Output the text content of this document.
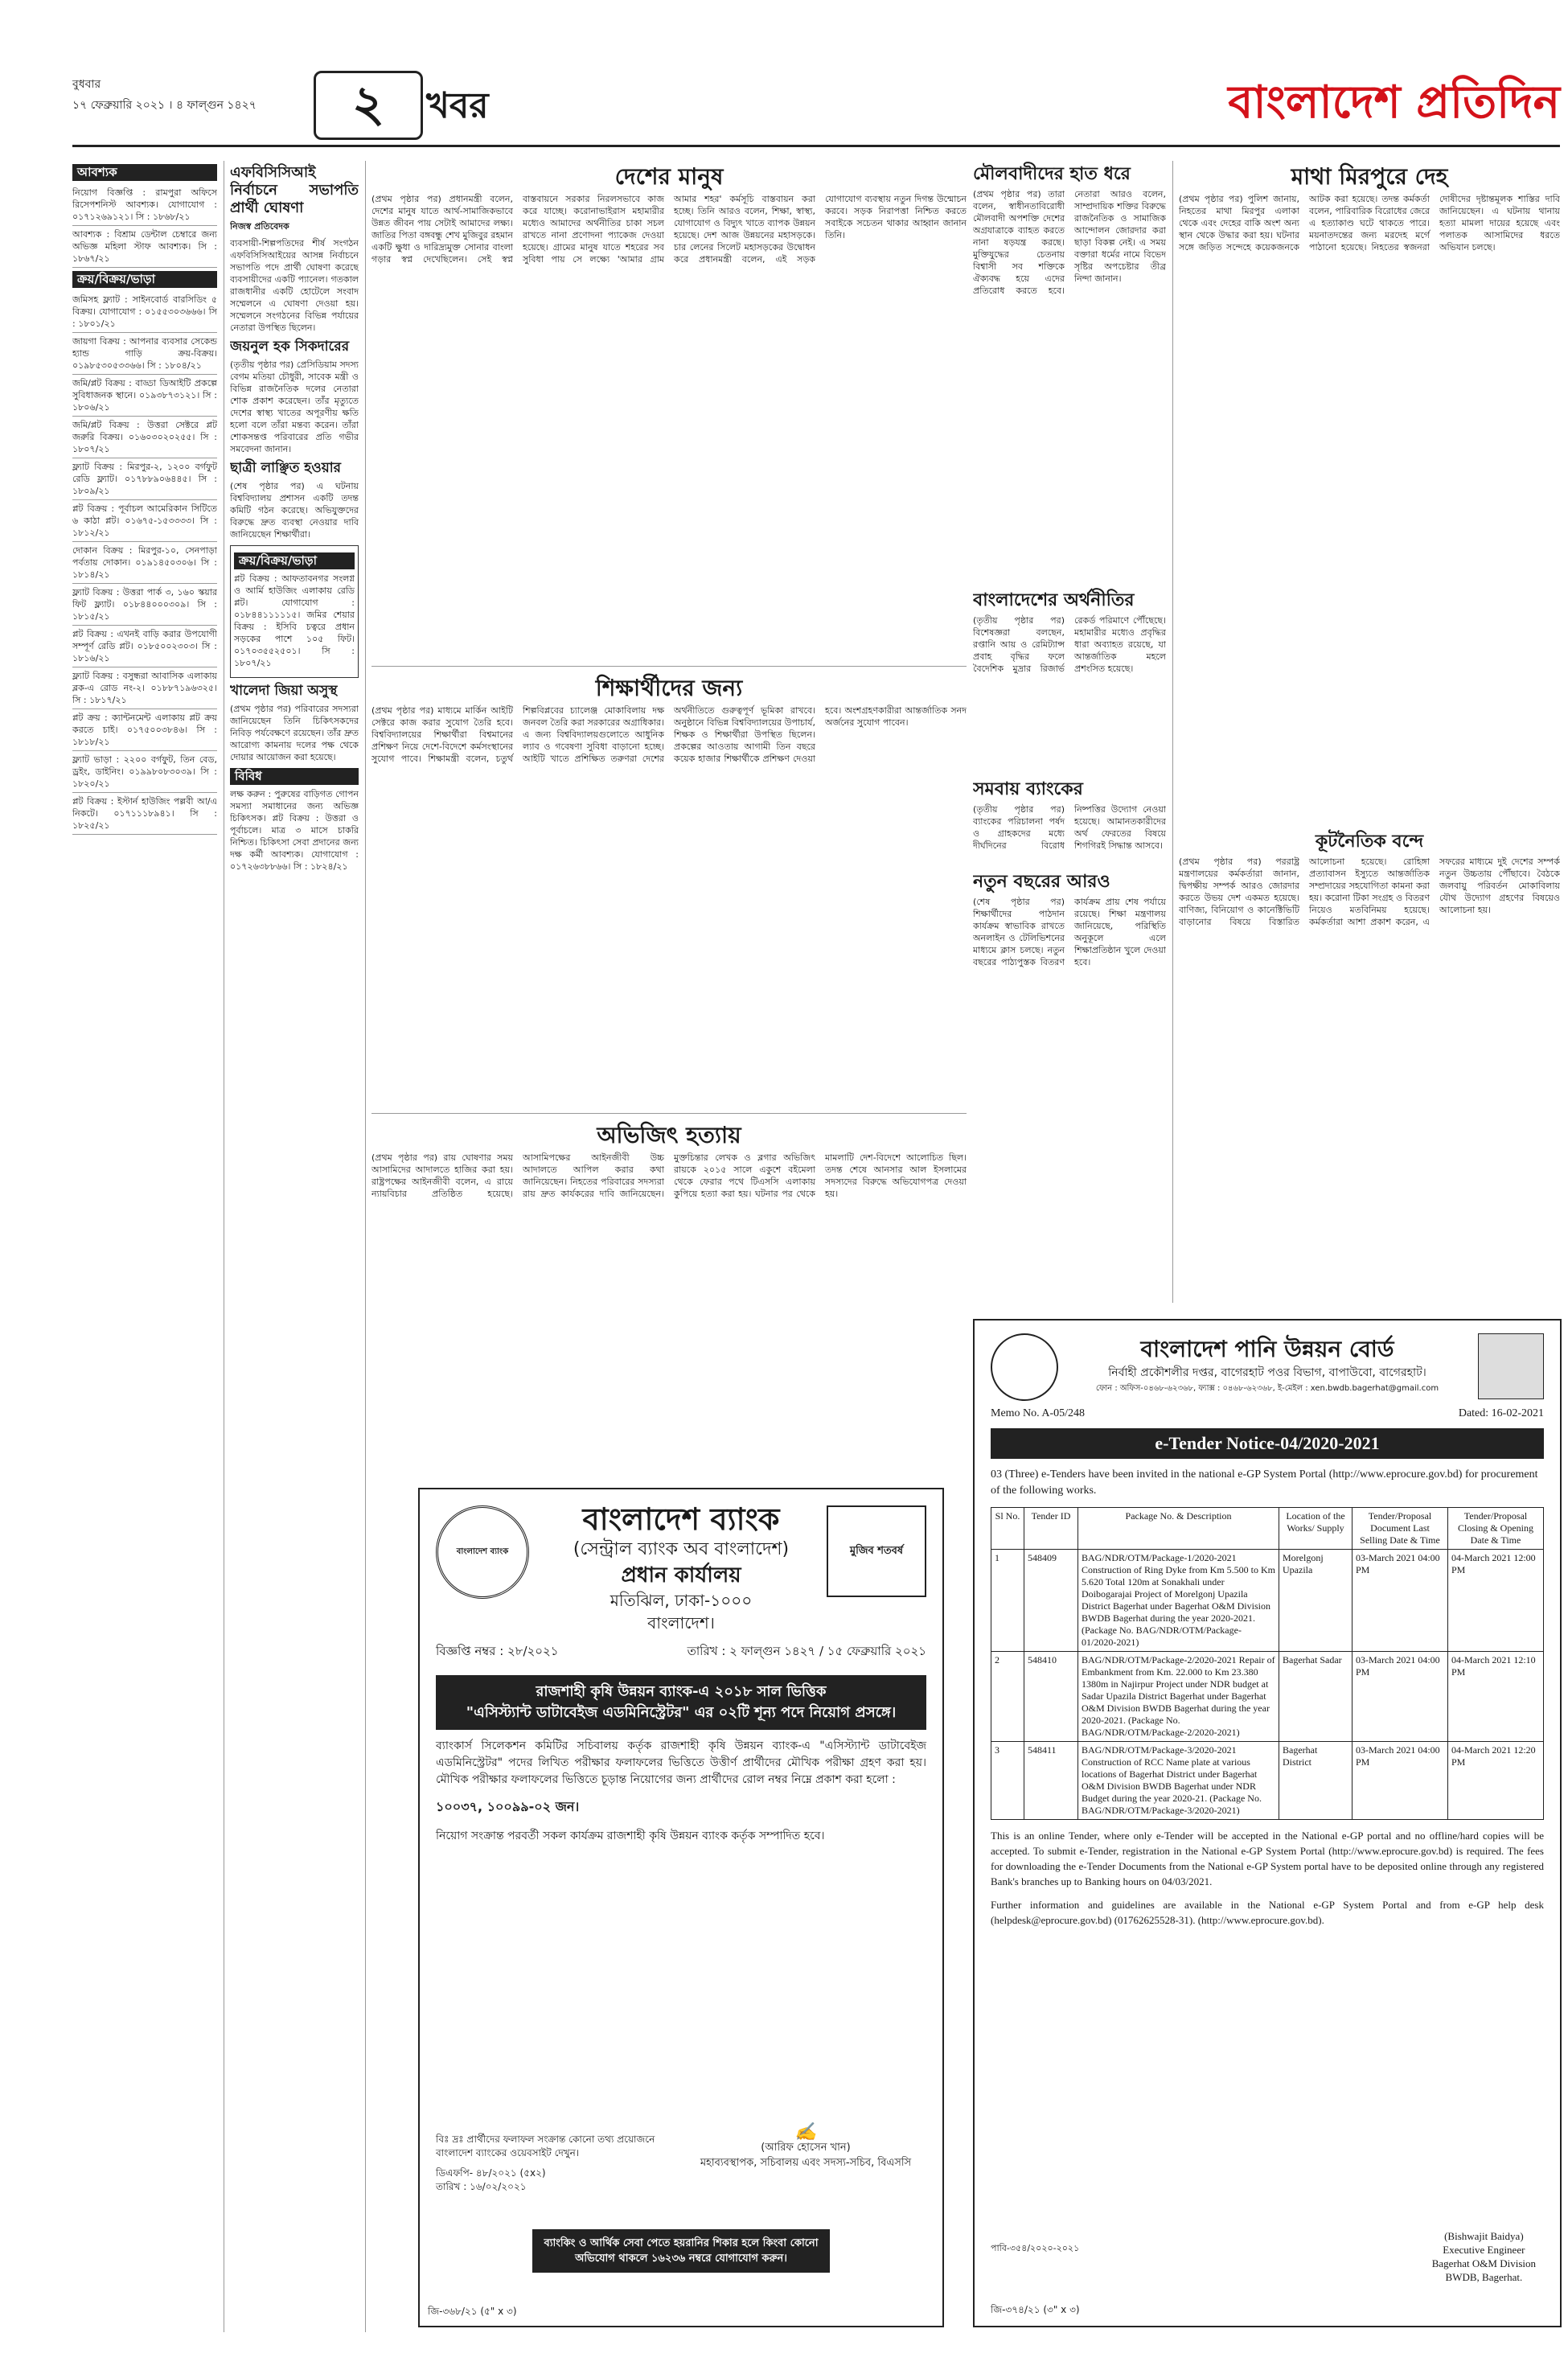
বুধবার
১৭ ফেব্রুয়ারি ২০২১ । ৪ ফাল্গুন ১৪২৭	২	খবর	বাংলাদেশ প্রতিদিন
আবশ্যক
নিয়োগ বিজ্ঞপ্তি : রামপুরা অফিসে রিসেপশনিস্ট আবশ্যক। যোগাযোগ : ০১৭১২৬৯১২১। সি : ১৮৬৮/২১
আবশ্যক : বিশ্রাম ডেন্টাল চেম্বারে জন্য অভিজ্ঞ মহিলা স্টাফ আবশ্যক। সি : ১৮৬৭/২১
ক্রয়/বিক্রয়/ভাড়া
জমিসহ ফ্ল্যাট : সাইনবোর্ড বারসিডিং ৫ বিক্রয়। যোগাযোগ : ০১৫৫৩০৩৬৬৬। সি : ১৮০১/২১
জায়গা বিক্রয় : আপনার ব্যবসার সেকেন্ড হ্যান্ড গাড়ি ক্রয়-বিক্রয়। ০১৯৮৫৩০৫৩৩৬৬। সি : ১৮০৪/২১
জমি/প্লট বিক্রয় : বাড্ডা ডিআইটি প্রকল্পে সুবিধাজনক স্থানে। ০১৯৩৮৭৩১২১। সি : ১৮০৬/২১
জমি/প্লট বিক্রয় : উত্তরা সেক্টরে প্লট জরুরি বিক্রয়। ০১৬০৩০২০২৫৫। সি : ১৮০৭/২১
ফ্ল্যাট বিক্রয় : মিরপুর-২, ১২০০ বর্গফুট রেডি ফ্ল্যাট। ০১৭৮৮৯০৬৪৪৫। সি : ১৮০৯/২১
প্লট বিক্রয় : পূর্বাচল আমেরিকান সিটিতে ৬ কাঠা প্লট। ০১৬৭৫-১৫৩৩৩৩। সি : ১৮১২/২১
দোকান বিক্রয় : মিরপুর-১০, সেনপাড়া পর্বতায় দোকান। ০১৯১৪৫০৩০৬। সি : ১৮১৪/২১
ফ্ল্যাট বিক্রয় : উত্তরা পার্ক ৩, ১৬০ স্কয়ার ফিট ফ্ল্যাট। ০১৮৪৪০০০৩০৯। সি : ১৮১৫/২১
প্লট বিক্রয় : এখনই বাড়ি করার উপযোগী সম্পূর্ণ রেডি প্লট। ০১৮৫০০২৩০৩। সি : ১৮১৬/২১
ফ্ল্যাট বিক্রয় : বসুন্ধরা আবাসিক এলাকায় ব্লক-এ রোড নং-২। ০১৮৮৭১৯৬৩২৫। সি : ১৮১৭/২১
প্লট ক্রয় : ক্যান্টনমেন্ট এলাকায় প্লট ক্রয় করতে চাই। ০১৭৫০০৩৮৪৬। সি : ১৮১৮/২১
ফ্ল্যাট ভাড়া : ২২০০ বর্গফুট, তিন বেড, ড্রইং, ডাইনিং। ০১৯৯৮০৮৩০৩৯। সি : ১৮২০/২১
প্লট বিক্রয় : ইস্টার্ন হাউজিং পল্লবী আ/এ নিকটে। ০১৭১১১৮৯৪১। সি : ১৮২৫/২১
এফবিসিসিআই নির্বাচনে সভাপতি প্রার্থী ঘোষণা

নিজস্ব প্রতিবেদক

ব্যবসায়ী-শিল্পপতিদের শীর্ষ সংগঠন এফবিসিসিআইয়ের আসন্ন নির্বাচনে সভাপতি পদে প্রার্থী ঘোষণা করেছে ব্যবসায়ীদের একটি প্যানেল। গতকাল রাজধানীর একটি হোটেলে সংবাদ সম্মেলনে এ ঘোষণা দেওয়া হয়। সম্মেলনে সংগঠনের বিভিন্ন পর্যায়ের নেতারা উপস্থিত ছিলেন।

জয়নুল হক সিকদারের

(তৃতীয় পৃষ্ঠার পর) প্রেসিডিয়াম সদস্য বেগম মতিয়া চৌধুরী, সাবেক মন্ত্রী ও বিভিন্ন রাজনৈতিক দলের নেতারা শোক প্রকাশ করেছেন। তাঁর মৃত্যুতে দেশের স্বাস্থ্য খাতের অপূরণীয় ক্ষতি হলো বলে তাঁরা মন্তব্য করেন। তাঁরা শোকসন্তপ্ত পরিবারের প্রতি গভীর সমবেদনা জানান।

ছাত্রী লাঞ্ছিত হওয়ার

(শেষ পৃষ্ঠার পর) এ ঘটনায় বিশ্ববিদ্যালয় প্রশাসন একটি তদন্ত কমিটি গঠন করেছে। অভিযুক্তদের বিরুদ্ধে দ্রুত ব্যবস্থা নেওয়ার দাবি জানিয়েছেন শিক্ষার্থীরা।

ক্রয়/বিক্রয়/ভাড়া

প্লট বিক্রয় : আফতাবনগর সংলগ্ন ও আর্মি হাউজিং এলাকায় রেডি প্লট। যোগাযোগ : ০১৮৪৪১১১১১৫। জমির শেয়ার বিক্রয় : ইসিবি চত্বরে প্রধান সড়কের পাশে ১০৫ ফিট। ০১৭০৩৫৫২৫০১। সি : ১৮০৭/২১

খালেদা জিয়া অসুস্থ

(প্রথম পৃষ্ঠার পর) পরিবারের সদস্যরা জানিয়েছেন তিনি চিকিৎসকদের নিবিড় পর্যবেক্ষণে রয়েছেন। তাঁর দ্রুত আরোগ্য কামনায় দলের পক্ষ থেকে দোয়ার আয়োজন করা হয়েছে।

বিবিধ

লক্ষ করুন : পুরুষের বাড়িগত গোপন সমস্যা সমাধানের জন্য অভিজ্ঞ চিকিৎসক। প্লট বিক্রয় : উত্তরা ও পূর্বাচলে। মাত্র ৩ মাসে চাকরি নিশ্চিত। চিকিৎসা সেবা প্রদানের জন্য দক্ষ কর্মী আবশ্যক। যোগাযোগ : ০১৭২৬৩৮৮৬৬। সি : ১৮২৪/২১

দেশের মানুষ
(প্রথম পৃষ্ঠার পর) প্রধানমন্ত্রী বলেন, দেশের মানুষ যাতে আর্থ-সামাজিকভাবে উন্নত জীবন পায় সেটাই আমাদের লক্ষ্য। জাতির পিতা বঙ্গবন্ধু শেখ মুজিবুর রহমান একটি ক্ষুধা ও দারিদ্র্যমুক্ত সোনার বাংলা গড়ার স্বপ্ন দেখেছিলেন। সেই স্বপ্ন বাস্তবায়নে সরকার নিরলসভাবে কাজ করে যাচ্ছে। করোনাভাইরাস মহামারীর মধ্যেও আমাদের অর্থনীতির চাকা সচল রাখতে নানা প্রণোদনা প্যাকেজ দেওয়া হয়েছে। গ্রামের মানুষ যাতে শহরের সব সুবিধা পায় সে লক্ষ্যে 'আমার গ্রাম আমার শহর' কর্মসূচি বাস্তবায়ন করা হচ্ছে। তিনি আরও বলেন, শিক্ষা, স্বাস্থ্য, যোগাযোগ ও বিদ্যুৎ খাতে ব্যাপক উন্নয়ন হয়েছে। দেশ আজ উন্নয়নের মহাসড়কে। চার লেনের সিলেট মহাসড়কের উদ্বোধন করে প্রধানমন্ত্রী বলেন, এই সড়ক যোগাযোগ ব্যবস্থায় নতুন দিগন্ত উন্মোচন করবে। সড়ক নিরাপত্তা নিশ্চিত করতে সবাইকে সচেতন থাকার আহ্বান জানান তিনি।
মৌলবাদীদের হাত ধরে
(প্রথম পৃষ্ঠার পর) তারা বলেন, স্বাধীনতাবিরোধী মৌলবাদী অপশক্তি দেশের অগ্রযাত্রাকে ব্যাহত করতে নানা ষড়যন্ত্র করছে। মুক্তিযুদ্ধের চেতনায় বিশ্বাসী সব শক্তিকে ঐক্যবদ্ধ হয়ে এদের প্রতিরোধ করতে হবে। নেতারা আরও বলেন, সাম্প্রদায়িক শক্তির বিরুদ্ধে রাজনৈতিক ও সামাজিক আন্দোলন জোরদার করা ছাড়া বিকল্প নেই। এ সময় বক্তারা ধর্মের নামে বিভেদ সৃষ্টির অপচেষ্টার তীব্র নিন্দা জানান।
মাথা মিরপুরে দেহ
(প্রথম পৃষ্ঠার পর) পুলিশ জানায়, নিহতের মাথা মিরপুর এলাকা থেকে এবং দেহের বাকি অংশ অন্য স্থান থেকে উদ্ধার করা হয়। ঘটনার সঙ্গে জড়িত সন্দেহে কয়েকজনকে আটক করা হয়েছে। তদন্ত কর্মকর্তা বলেন, পারিবারিক বিরোধের জেরে এ হত্যাকাণ্ড ঘটে থাকতে পারে। ময়নাতদন্তের জন্য মরদেহ মর্গে পাঠানো হয়েছে। নিহতের স্বজনরা দোষীদের দৃষ্টান্তমূলক শাস্তির দাবি জানিয়েছেন। এ ঘটনায় থানায় হত্যা মামলা দায়ের হয়েছে এবং পলাতক আসামিদের ধরতে অভিযান চলছে।
বাংলাদেশের অর্থনীতির
(তৃতীয় পৃষ্ঠার পর) বিশেষজ্ঞরা বলছেন, রপ্তানি আয় ও রেমিট্যান্স প্রবাহ বৃদ্ধির ফলে বৈদেশিক মুদ্রার রিজার্ভ রেকর্ড পরিমাণে পৌঁছেছে। মহামারীর মধ্যেও প্রবৃদ্ধির ধারা অব্যাহত রয়েছে, যা আন্তর্জাতিক মহলে প্রশংসিত হয়েছে।
সমবায় ব্যাংকের
(তৃতীয় পৃষ্ঠার পর) ব্যাংকের পরিচালনা পর্ষদ ও গ্রাহকদের মধ্যে দীর্ঘদিনের বিরোধ নিষ্পত্তির উদ্যোগ নেওয়া হয়েছে। আমানতকারীদের অর্থ ফেরতের বিষয়ে শিগগিরই সিদ্ধান্ত আসবে।
নতুন বছরের আরও
(শেষ পৃষ্ঠার পর) শিক্ষার্থীদের পাঠদান কার্যক্রম স্বাভাবিক রাখতে অনলাইন ও টেলিভিশনের মাধ্যমে ক্লাস চলছে। নতুন বছরের পাঠ্যপুস্তক বিতরণ কার্যক্রম প্রায় শেষ পর্যায়ে রয়েছে। শিক্ষা মন্ত্রণালয় জানিয়েছে, পরিস্থিতি অনুকূলে এলে শিক্ষাপ্রতিষ্ঠান খুলে দেওয়া হবে।
কূটনৈতিক বন্দে
(প্রথম পৃষ্ঠার পর) পররাষ্ট্র মন্ত্রণালয়ের কর্মকর্তারা জানান, দ্বিপক্ষীয় সম্পর্ক আরও জোরদার করতে উভয় দেশ একমত হয়েছে। বাণিজ্য, বিনিয়োগ ও কানেক্টিভিটি বাড়ানোর বিষয়ে বিস্তারিত আলোচনা হয়েছে। রোহিঙ্গা প্রত্যাবাসন ইস্যুতে আন্তর্জাতিক সম্প্রদায়ের সহযোগিতা কামনা করা হয়। করোনা টিকা সংগ্রহ ও বিতরণ নিয়েও মতবিনিময় হয়েছে। কর্মকর্তারা আশা প্রকাশ করেন, এ সফরের মাধ্যমে দুই দেশের সম্পর্ক নতুন উচ্চতায় পৌঁছাবে। বৈঠকে জলবায়ু পরিবর্তন মোকাবিলায় যৌথ উদ্যোগ গ্রহণের বিষয়েও আলোচনা হয়।
শিক্ষার্থীদের জন্য
(প্রথম পৃষ্ঠার পর) মাধ্যমে মার্কিন আইটি সেক্টরে কাজ করার সুযোগ তৈরি হবে। বিশ্ববিদ্যালয়ের শিক্ষার্থীরা বিশ্বমানের প্রশিক্ষণ নিয়ে দেশে-বিদেশে কর্মসংস্থানের সুযোগ পাবে। শিক্ষামন্ত্রী বলেন, চতুর্থ শিল্পবিপ্লবের চ্যালেঞ্জ মোকাবিলায় দক্ষ জনবল তৈরি করা সরকারের অগ্রাধিকার। এ জন্য বিশ্ববিদ্যালয়গুলোতে আধুনিক ল্যাব ও গবেষণা সুবিধা বাড়ানো হচ্ছে। আইটি খাতে প্রশিক্ষিত তরুণরা দেশের অর্থনীতিতে গুরুত্বপূর্ণ ভূমিকা রাখবে। অনুষ্ঠানে বিভিন্ন বিশ্ববিদ্যালয়ের উপাচার্য, শিক্ষক ও শিক্ষার্থীরা উপস্থিত ছিলেন। প্রকল্পের আওতায় আগামী তিন বছরে কয়েক হাজার শিক্ষার্থীকে প্রশিক্ষণ দেওয়া হবে। অংশগ্রহণকারীরা আন্তর্জাতিক সনদ অর্জনের সুযোগ পাবেন।
অভিজিৎ হত্যায়
(প্রথম পৃষ্ঠার পর) রায় ঘোষণার সময় আসামিদের আদালতে হাজির করা হয়। রাষ্ট্রপক্ষের আইনজীবী বলেন, এ রায়ে ন্যায়বিচার প্রতিষ্ঠিত হয়েছে। আসামিপক্ষের আইনজীবী উচ্চ আদালতে আপিল করার কথা জানিয়েছেন। নিহতের পরিবারের সদস্যরা রায় দ্রুত কার্যকরের দাবি জানিয়েছেন। মুক্তচিন্তার লেখক ও ব্লগার অভিজিৎ রায়কে ২০১৫ সালে একুশে বইমেলা থেকে ফেরার পথে টিএসসি এলাকায় কুপিয়ে হত্যা করা হয়। ঘটনার পর থেকে মামলাটি দেশ-বিদেশে আলোচিত ছিল। তদন্ত শেষে আনসার আল ইসলামের সদস্যদের বিরুদ্ধে অভিযোগপত্র দেওয়া হয়।
বাংলাদেশ ব্যাংক	মুজিব শতবর্ষ
বাংলাদেশ ব্যাংক
(সেন্ট্রাল ব্যাংক অব বাংলাদেশ)
প্রধান কার্যালয়
মতিঝিল, ঢাকা-১০০০
বাংলাদেশ।
বিজ্ঞপ্তি নম্বর : ২৮/২০২১	তারিখ : ২ ফাল্গুন ১৪২৭ / ১৫ ফেব্রুয়ারি ২০২১
রাজশাহী কৃষি উন্নয়ন ব্যাংক-এ ২০১৮ সাল ভিত্তিক
"এসিস্ট্যান্ট ডাটাবেইজ এডমিনিস্ট্রেটর" এর ০২টি শূন্য পদে নিয়োগ প্রসঙ্গে।

ব্যাংকার্স সিলেকশন কমিটির সচিবালয় কর্তৃক রাজশাহী কৃষি উন্নয়ন ব্যাংক-এ "এসিস্ট্যান্ট ডাটাবেইজ এডমিনিস্ট্রেটর" পদের লিখিত পরীক্ষার ফলাফলের ভিত্তিতে উত্তীর্ণ প্রার্থীদের মৌখিক পরীক্ষা গ্রহণ করা হয়। মৌখিক পরীক্ষার ফলাফলের ভিত্তিতে চূড়ান্ত নিয়োগের জন্য প্রার্থীদের রোল নম্বর নিম্নে প্রকাশ করা হলো :

১০০৩৭, ১০০৯৯-০২ জন।

নিয়োগ সংক্রান্ত পরবর্তী সকল কার্যক্রম রাজশাহী কৃষি উন্নয়ন ব্যাংক কর্তৃক সম্পাদিত হবে।

বিঃ দ্রঃ প্রার্থীদের ফলাফল সংক্রান্ত কোনো তথ্য প্রয়োজনে বাংলাদেশ ব্যাংকের ওয়েবসাইট দেখুন।
ডিএফপি- ৪৮/২০২১ (৫x২)
তারিখ : ১৬/০২/২০২১
✍
(আরিফ হোসেন খান)
মহাব্যবস্থাপক, সচিবালয় এবং সদস্য-সচিব, বিএসসি
ব্যাংকিং ও আর্থিক সেবা পেতে হয়রানির শিকার হলে কিংবা কোনো অভিযোগ থাকলে ১৬২৩৬ নম্বরে যোগাযোগ করুন।
জি-৩৬৮/২১ (৫" x ৩)
বাংলাদেশ পানি উন্নয়ন বোর্ড
নির্বাহী প্রকৌশলীর দপ্তর, বাগেরহাট পওর বিভাগ, বাপাউবো, বাগেরহাট।
ফোন : অফিস-০৪৬৮-৬২৩৬৮, ফ্যাক্স : ০৪৬৮-৬২৩৬৮, ই-মেইল : xen.bwdb.bagerhat@gmail.com
Memo No. A-05/248	Dated: 16-02-2021
e-Tender Notice-04/2020-2021

03 (Three) e-Tenders have been invited in the national e-GP System Portal (http://www.eprocure.gov.bd) for procurement of the following works.

Sl No.	Tender ID	Package No. & Description	Location of the Works/ Supply	Tender/Proposal Document Last Selling Date & Time	Tender/Proposal Closing & Opening Date & Time
1	548409	BAG/NDR/OTM/Package-1/2020-2021 Construction of Ring Dyke from Km 5.500 to Km 5.620 Total 120m at Sonakhali under Doibogarajai Project of Morelgonj Upazila District Bagerhat under Bagerhat O&M Division BWDB Bagerhat during the year 2020-2021. (Package No. BAG/NDR/OTM/Package-01/2020-2021)	Morelgonj Upazila	03-March 2021 04:00 PM	04-March 2021 12:00 PM
2	548410	BAG/NDR/OTM/Package-2/2020-2021 Repair of Embankment from Km. 22.000 to Km 23.380 1380m in Najirpur Project under NDR budget at Sadar Upazila District Bagerhat under Bagerhat O&M Division BWDB Bagerhat during the year 2020-2021. (Package No. BAG/NDR/OTM/Package-2/2020-2021)	Bagerhat Sadar	03-March 2021 04:00 PM	04-March 2021 12:10 PM
3	548411	BAG/NDR/OTM/Package-3/2020-2021 Construction of RCC Name plate at various locations of Bagerhat District under Bagerhat O&M Division BWDB Bagerhat under NDR Budget during the year 2020-21. (Package No. BAG/NDR/OTM/Package-3/2020-2021)	Bagerhat District	03-March 2021 04:00 PM	04-March 2021 12:20 PM

This is an online Tender, where only e-Tender will be accepted in the National e-GP portal and no offline/hard copies will be accepted. To submit e-Tender, registration in the National e-GP System Portal (http://www.eprocure.gov.bd) is required. The fees for downloading the e-Tender Documents from the National e-GP System portal have to be deposited online through any registered Bank's branches up to Banking hours on 04/03/2021.

Further information and guidelines are available in the National e-GP System Portal and from e-GP help desk (helpdesk@eprocure.gov.bd) (01762625528-31). (http://www.eprocure.gov.bd).

পাবি-৩৫৪/২০২০-২০২১
(Bishwajit Baidya)
Executive Engineer
Bagerhat O&M Division
BWDB, Bagerhat.
জি-৩৭৪/২১ (৩" x ৩)
